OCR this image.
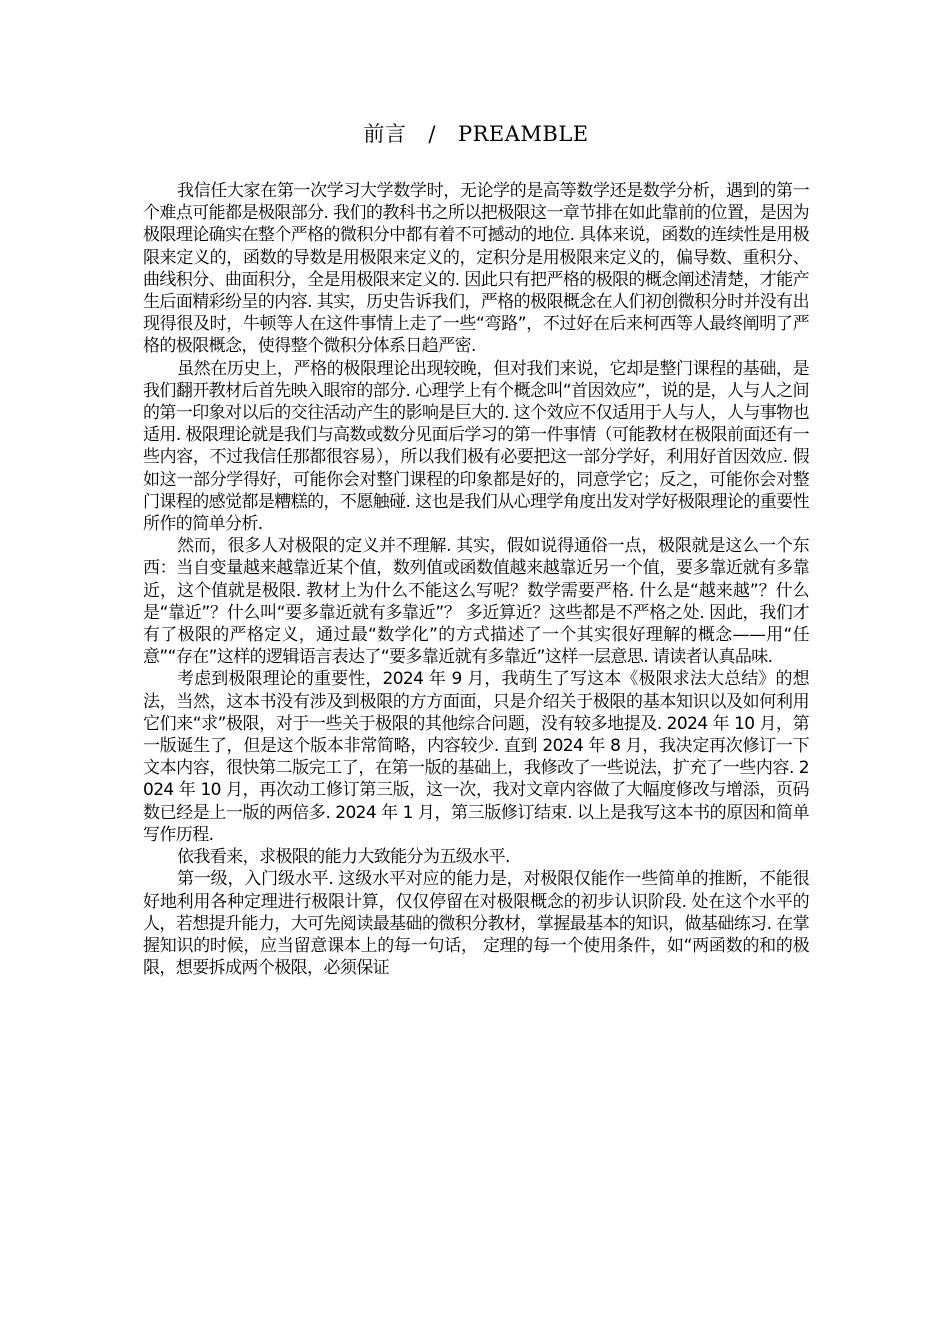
前言 / PREAMBLE

我信任大家在第一次学习大学数学时，无论学的是高等数学还是数学分析，遇到的第一个难点可能都是极限部分. 我们的教科书之所以把极限这一章节排在如此靠前的位置，是因为极限理论确实在整个严格的微积分中都有着不可撼动的地位. 具体来说，函数的连续性是用极限来定义的，函数的导数是用极限来定义的，定积分是用极限来定义的，偏导数、重积分、曲线积分、曲面积分，全是用极限来定义的. 因此只有把严格的极限的概念阐述清楚，才能产生后面精彩纷呈的内容. 其实，历史告诉我们，严格的极限概念在人们初创微积分时并没有出现得很及时，牛顿等人在这件事情上走了一些“弯路”，不过好在后来柯西等人最终阐明了严格的极限概念，使得整个微积分体系日趋严密.

虽然在历史上，严格的极限理论出现较晚，但对我们来说，它却是整门课程的基础，是我们翻开教材后首先映入眼帘的部分. 心理学上有个概念叫“首因效应”，说的是，人与人之间的第一印象对以后的交往活动产生的影响是巨大的. 这个效应不仅适用于人与人，人与事物也适用. 极限理论就是我们与高数或数分见面后学习的第一件事情（可能教材在极限前面还有一些内容，不过我信任那都很容易），所以我们极有必要把这一部分学好，利用好首因效应. 假如这一部分学得好，可能你会对整门课程的印象都是好的，同意学它；反之，可能你会对整门课程的感觉都是糟糕的，不愿触碰. 这也是我们从心理学角度出发对学好极限理论的重要性所作的简单分析.

然而，很多人对极限的定义并不理解. 其实，假如说得通俗一点，极限就是这么一个东西：当自变量越来越靠近某个值，数列值或函数值越来越靠近另一个值，要多靠近就有多靠近，这个值就是极限. 教材上为什么不能这么写呢？数学需要严格. 什么是“越来越”？什么是“靠近”？什么叫“要多靠近就有多靠近”？ 多近算近？这些都是不严格之处. 因此，我们才有了极限的严格定义，通过最“数学化”的方式描述了一个其实很好理解的概念——用“任意”“存在”这样的逻辑语言表达了“要多靠近就有多靠近”这样一层意思. 请读者认真品味.

考虑到极限理论的重要性，2024 年 9 月，我萌生了写这本《极限求法大总结》的想法，当然，这本书没有涉及到极限的方方面面，只是介绍关于极限的基本知识以及如何利用它们来“求”极限，对于一些关于极限的其他综合问题，没有较多地提及. 2024 年 10 月，第一版诞生了，但是这个版本非常简略，内容较少. 直到 2024 年 8 月，我决定再次修订一下文本内容，很快第二版完工了，在第一版的基础上，我修改了一些说法，扩充了一些内容. 2024 年 10 月，再次动工修订第三版，这一次，我对文章内容做了大幅度修改与增添，页码数已经是上一版的两倍多. 2024 年 1 月，第三版修订结束. 以上是我写这本书的原因和简单写作历程.

依我看来，求极限的能力大致能分为五级水平.

第一级，入门级水平. 这级水平对应的能力是，对极限仅能作一些简单的推断，不能很好地利用各种定理进行极限计算，仅仅停留在对极限概念的初步认识阶段. 处在这个水平的人，若想提升能力，大可先阅读最基础的微积分教材，掌握最基本的知识，做基础练习. 在掌握知识的时候，应当留意课本上的每一句话， 定理的每一个使用条件，如“两函数的和的极限，想要拆成两个极限，必须保证
